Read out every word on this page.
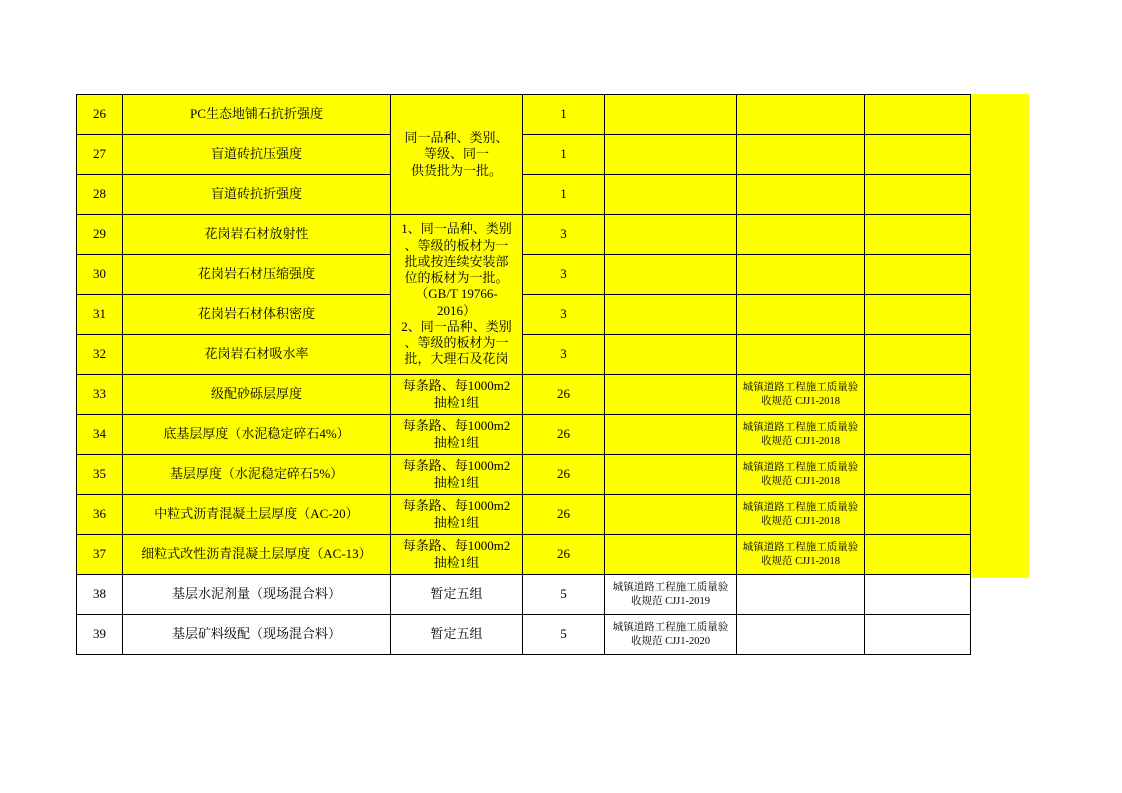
26	PC生态地铺石抗折强度	同一品种、类别、
等级、同一
供货批为一批。	1			
27	盲道砖抗压强度		1			
28	盲道砖抗折强度		1			
29	花岗岩石材放射性	1、同一品种、类别
、等级的板材为一
批或按连续安装部
位的板材为一批。
（GB/T 19766-
2016）
2、同一品种、类别
、等级的板材为一
批，大理石及花岗
	3			
30	花岗岩石材压缩强度		3			
31	花岗岩石材体积密度		3			
32	花岗岩石材吸水率		3			
33	级配砂砾层厚度	每条路、每1000m2
抽检1组	26		城镇道路工程施工质量验
收规范 CJJ1-2018	

34	底基层厚度（水泥稳定碎石4%）	每条路、每1000m2
抽检1组	26		城镇道路工程施工质量验
收规范 CJJ1-2018	

35	基层厚度（水泥稳定碎石5%）	每条路、每1000m2
抽检1组	26		城镇道路工程施工质量验
收规范 CJJ1-2018	

36	中粒式沥青混凝土层厚度（AC-20）	每条路、每1000m2
抽检1组	26		城镇道路工程施工质量验
收规范 CJJ1-2018	

37	细粒式改性沥青混凝土层厚度（AC-13）	每条路、每1000m2
抽检1组	26		城镇道路工程施工质量验
收规范 CJJ1-2018	

38	基层水泥剂量（现场混合料）	暂定五组	5	城镇道路工程施工质量验
收规范 CJJ1-2019		

39	基层矿料级配（现场混合料）	暂定五组	5	城镇道路工程施工质量验
收规范 CJJ1-2020		
